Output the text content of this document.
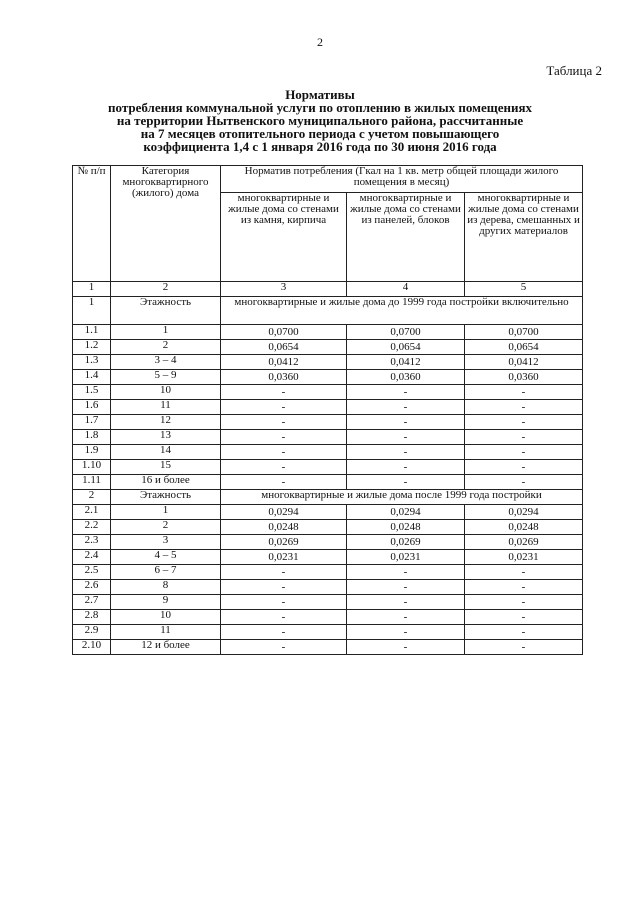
2
Таблица 2
Нормативы
потребления коммунальной услуги по отоплению в жилых помещениях
на территории Нытвенского муниципального района, рассчитанные
на 7 месяцев отопительного периода с учетом повышающего
коэффициента 1,4 с 1 января 2016 года по 30 июня 2016 года
№ п/п	Категория многоквартирного (жилого) дома	Норматив потребления (Гкал на 1 кв. метр общей площади жилого помещения в месяц)		
		многоквартирные и жилые дома со стенами из камня, кирпича	многоквартирные и жилые дома со стенами из панелей, блоков	многоквартирные и жилые дома со стенами из дерева, смешанных и других материалов
1	2	3	4	5
1	Этажность	многоквартирные и жилые дома до 1999 года постройки включительно		
1.1	1	0,0700	0,0700	0,0700
1.2	2	0,0654	0,0654	0,0654
1.3	3 – 4	0,0412	0,0412	0,0412
1.4	5 – 9	0,0360	0,0360	0,0360
1.5	10	-	-	-
1.6	11	-	-	-
1.7	12	-	-	-
1.8	13	-	-	-
1.9	14	-	-	-
1.10	15	-	-	-
1.11	16 и более	-	-	-
2	Этажность	многоквартирные и жилые дома после 1999 года постройки		
2.1	1	0,0294	0,0294	0,0294
2.2	2	0,0248	0,0248	0,0248
2.3	3	0,0269	0,0269	0,0269
2.4	4 – 5	0,0231	0,0231	0,0231
2.5	6 – 7	-	-	-
2.6	8	-	-	-
2.7	9	-	-	-
2.8	10	-	-	-
2.9	11	-	-	-
2.10	12 и более	-	-	-
